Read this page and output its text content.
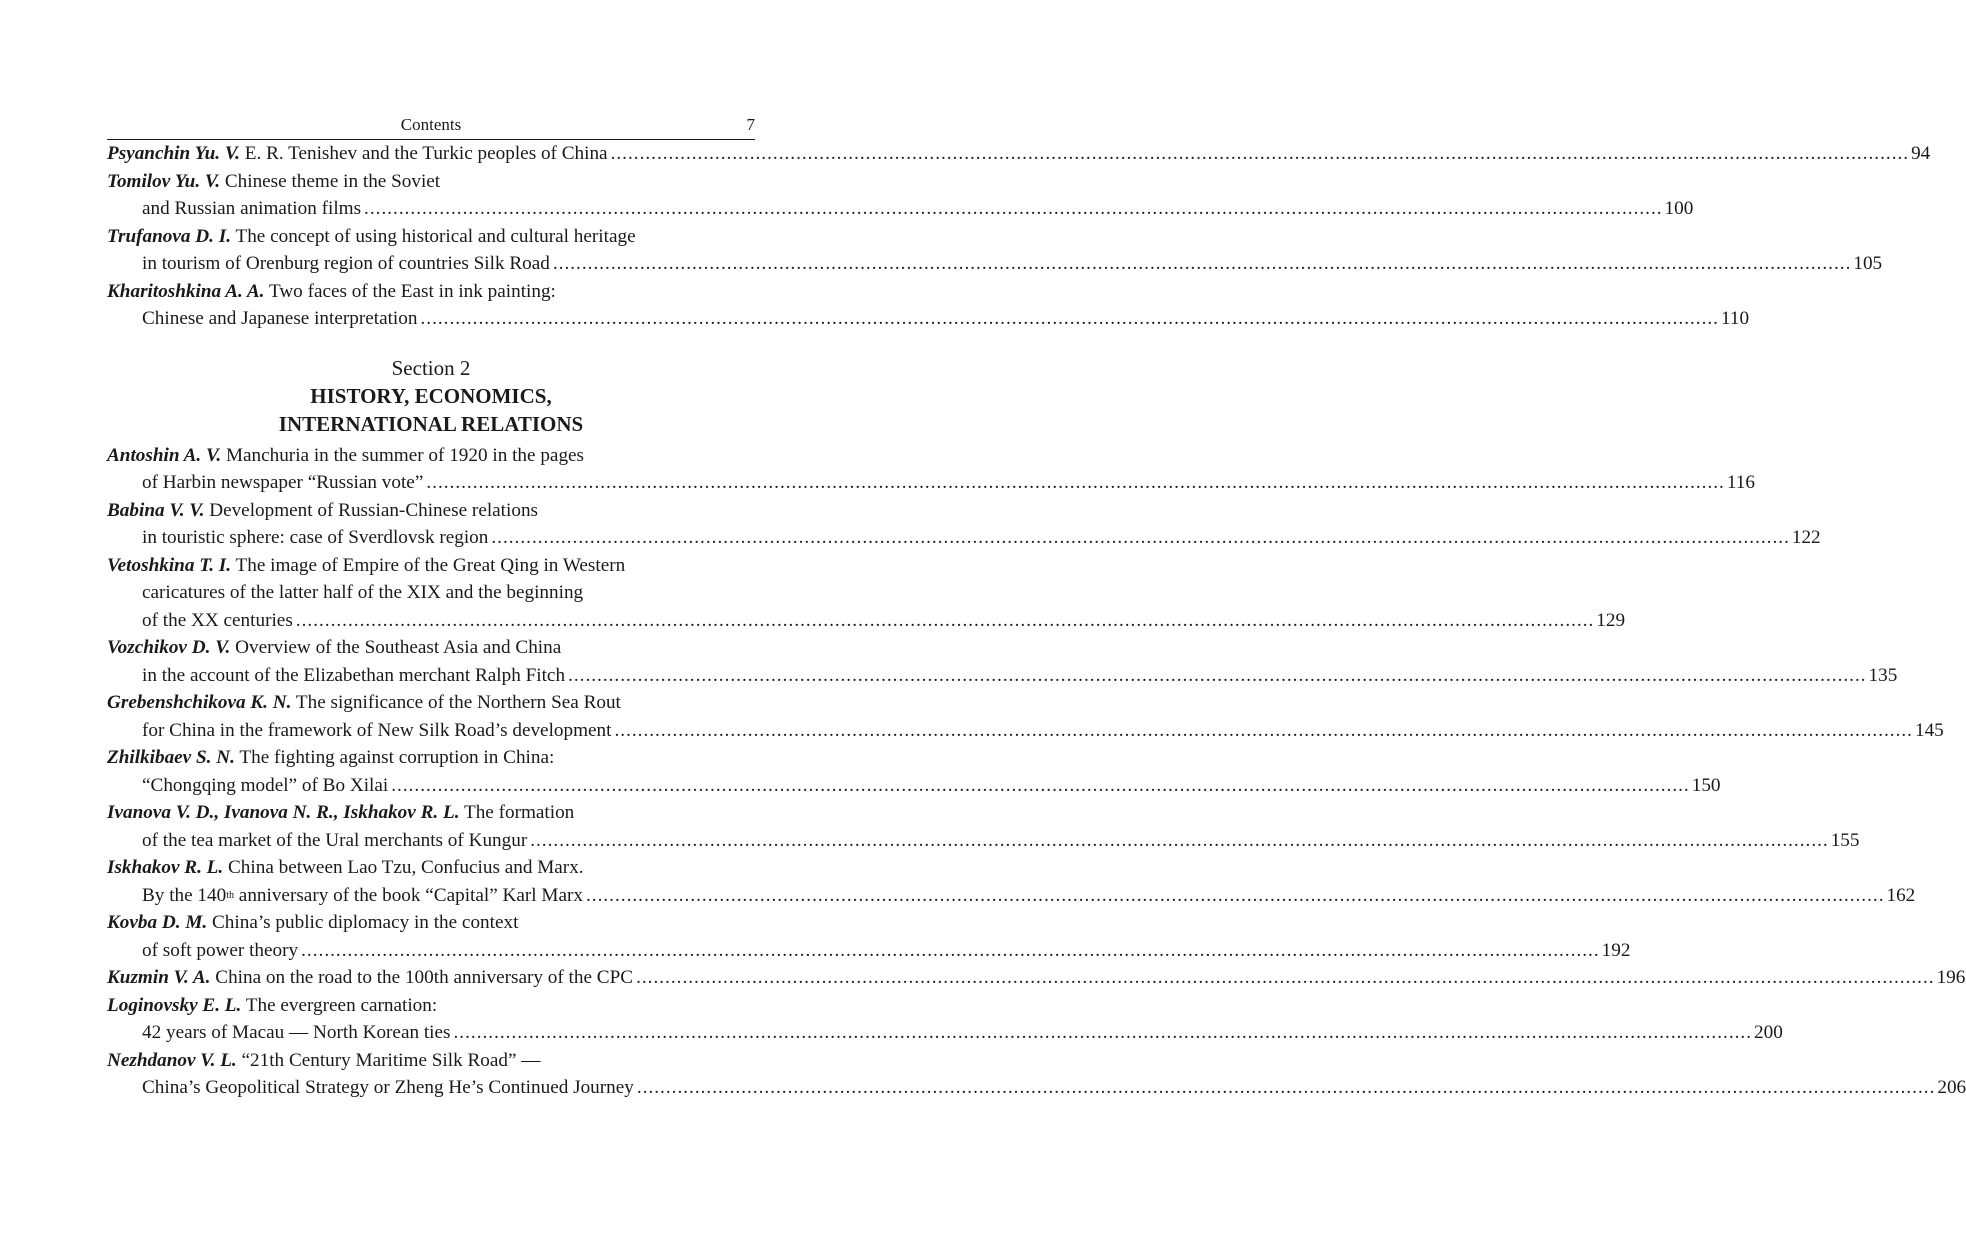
Contents	7
Psyanchin Yu. V. E. R. Tenishev and the Turkic peoples of China .....	94
Tomilov Yu. V. Chinese theme in the Soviet
and Russian animation films .....	100
Trufanova D. I. The concept of using historical and cultural heritage
in tourism of Orenburg region of countries Silk Road .....	105
Kharitoshkina A. A. Two faces of the East in ink painting:
Chinese and Japanese interpretation .....	110
Section 2
HISTORY, ECONOMICS,
INTERNATIONAL RELATIONS
Antoshin A. V. Manchuria in the summer of 1920 in the pages
of Harbin newspaper “Russian vote” .....	116
Babina V. V. Development of Russian-Chinese relations
in touristic sphere: case of Sverdlovsk region .....	122
Vetoshkina T. I. The image of Empire of the Great Qing in Western
caricatures of the latter half of the XIX and the beginning
of the XX centuries .....	129
Vozchikov D. V. Overview of the Southeast Asia and China
in the account of the Elizabethan merchant Ralph Fitch .....	135
Grebenshchikova K. N. The significance of the Northern Sea Rout
for China in the framework of New Silk Road’s development .....	145
Zhilkibaev S. N. The fighting against corruption in China:
“Chongqing model” of Bo Xilai .....	150
Ivanova V. D., Ivanova N. R., Iskhakov R. L. The formation
of the tea market of the Ural merchants of Kungur .....	155
Iskhakov R. L. China between Lao Tzu, Confucius and Marx.
By the 140th anniversary of the book “Capital” Karl Marx .....	162
Kovba D. M. China’s public diplomacy in the context
of soft power theory .....	192
Kuzmin V. A. China on the road to the 100th anniversary of the CPC .....	196
Loginovsky E. L. The evergreen carnation:
42 years of Macau — North Korean ties .....	200
Nezhdanov V. L. “21th Century Maritime Silk Road” —
China’s Geopolitical Strategy or Zheng He’s Continued Journey .....	206
